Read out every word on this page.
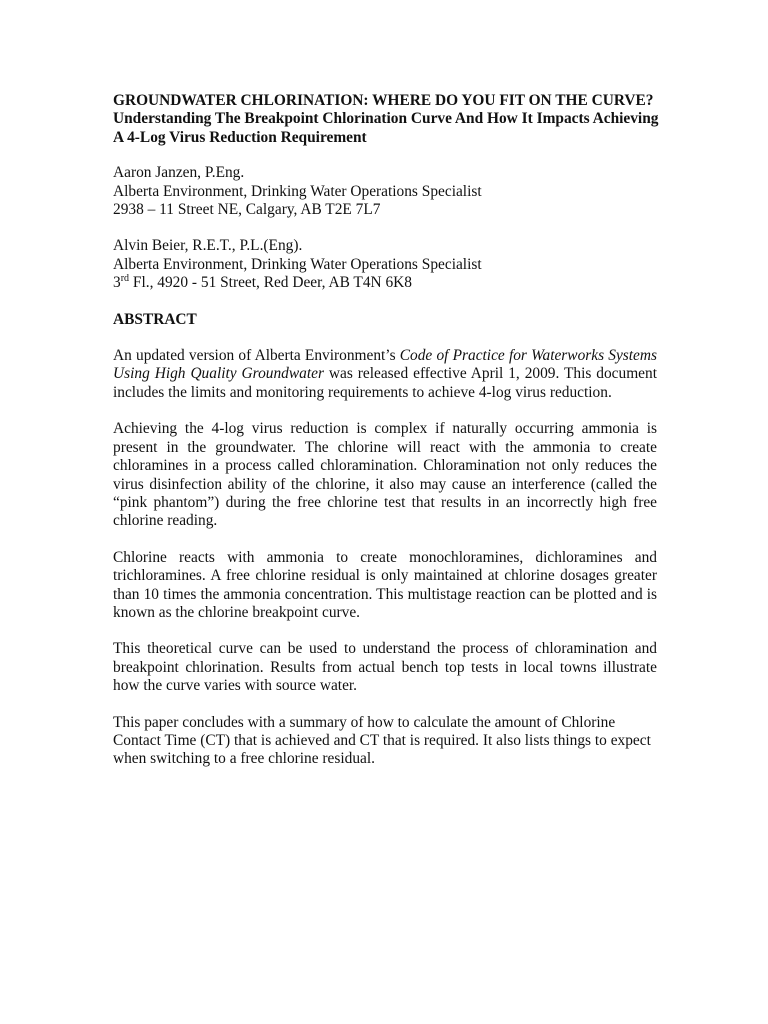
GROUNDWATER CHLORINATION: WHERE DO YOU FIT ON THE CURVE?
Understanding The Breakpoint Chlorination Curve And How It Impacts Achieving
A 4-Log Virus Reduction Requirement
Aaron Janzen, P.Eng.
Alberta Environment, Drinking Water Operations Specialist
2938 – 11 Street NE, Calgary, AB T2E 7L7
Alvin Beier, R.E.T., P.L.(Eng).
Alberta Environment, Drinking Water Operations Specialist
3rd Fl., 4920 - 51 Street, Red Deer, AB T4N 6K8
ABSTRACT
An updated version of Alberta Environment’s Code of Practice for Waterworks Systems Using High Quality Groundwater was released effective April 1, 2009. This document includes the limits and monitoring requirements to achieve 4-log virus reduction.
Achieving the 4-log virus reduction is complex if naturally occurring ammonia is present in the groundwater. The chlorine will react with the ammonia to create chloramines in a process called chloramination. Chloramination not only reduces the virus disinfection ability of the chlorine, it also may cause an interference (called the “pink phantom”) during the free chlorine test that results in an incorrectly high free chlorine reading.
Chlorine reacts with ammonia to create monochloramines, dichloramines and trichloramines. A free chlorine residual is only maintained at chlorine dosages greater than 10 times the ammonia concentration. This multistage reaction can be plotted and is known as the chlorine breakpoint curve.
This theoretical curve can be used to understand the process of chloramination and breakpoint chlorination. Results from actual bench top tests in local towns illustrate how the curve varies with source water.
This paper concludes with a summary of how to calculate the amount of Chlorine Contact Time (CT) that is achieved and CT that is required. It also lists things to expect when switching to a free chlorine residual.
